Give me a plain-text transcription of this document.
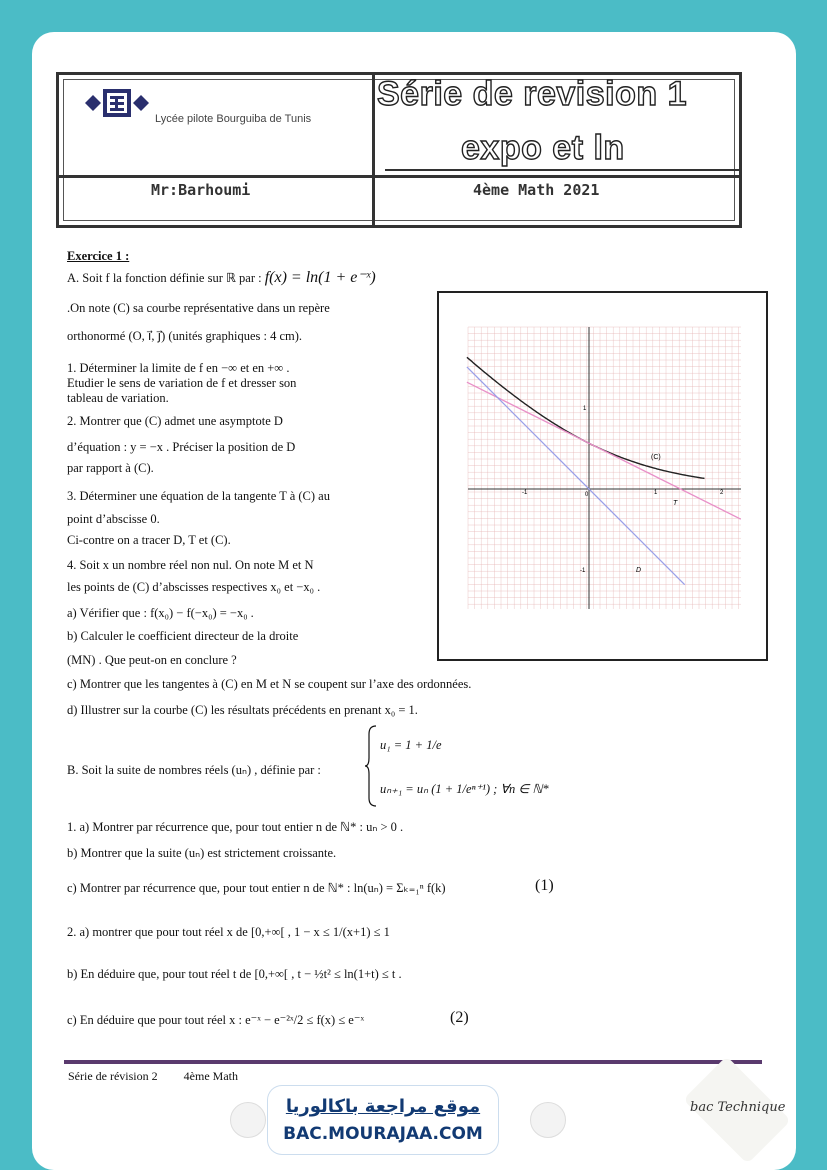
Lycée pilote Bourguiba de Tunis
Série de revision 1
expo et ln
Mr:Barhoumi	4ème Math 2021
Exercice 1 :
A. Soit f la fonction définie sur ℝ par : f(x) = ln(1 + e⁻ˣ)
.On note (C) sa courbe représentative dans un repère
orthonormé (O, i⃗, j⃗) (unités graphiques : 4 cm).
1. Déterminer la limite de f en −∞ et en +∞ .
Etudier le sens de variation de f et dresser son
tableau de variation.
2. Montrer que (C) admet une asymptote D
d’équation : y = −x . Préciser la position de D
par rapport à (C).
3. Déterminer une équation de la tangente T à (C) au
point d’abscisse 0.
Ci-contre on a tracer D, T et (C).
4. Soit x un nombre réel non nul. On note M et N
les points de (C) d’abscisses respectives x₀ et −x₀ .
a) Vérifier que : f(x₀) − f(−x₀) = −x₀ .
b) Calculer le coefficient directeur de la droite
(MN) . Que peut-on en conclure ?
c) Montrer que les tangentes à (C) en M et N se coupent sur l’axe des ordonnées.
d) Illustrer sur la courbe (C) les résultats précédents en prenant x₀ = 1.
B. Soit la suite de nombres réels (uₙ) , définie par :
u₁ = 1 + 1/e
uₙ₊₁ = uₙ (1 + 1/eⁿ⁺¹) ; ∀n ∈ ℕ*
1. a) Montrer par récurrence que, pour tout entier n de ℕ* : uₙ > 0 .
b) Montrer que la suite (uₙ) est strictement croissante.
c) Montrer par récurrence que, pour tout entier n de ℕ* : ln(uₙ) = Σₖ₌₁ⁿ f(k)	(1)
2. a) montrer que pour tout réel x de [0,+∞[ , 1 − x ≤ 1/(x+1) ≤ 1
b) En déduire que, pour tout réel t de [0,+∞[ , t − ½t² ≤ ln(1+t) ≤ t .
c) En déduire que pour tout réel x : e⁻ˣ − e⁻²ˣ/2 ≤ f(x) ≤ e⁻ˣ	(2)
-1	0	1	2
1
-1
(C)
T
D
Série de révision 2 4ème Math
موقع مراجعة باكالوريا
BAC.MOURAJAA.COM
bac Technique
